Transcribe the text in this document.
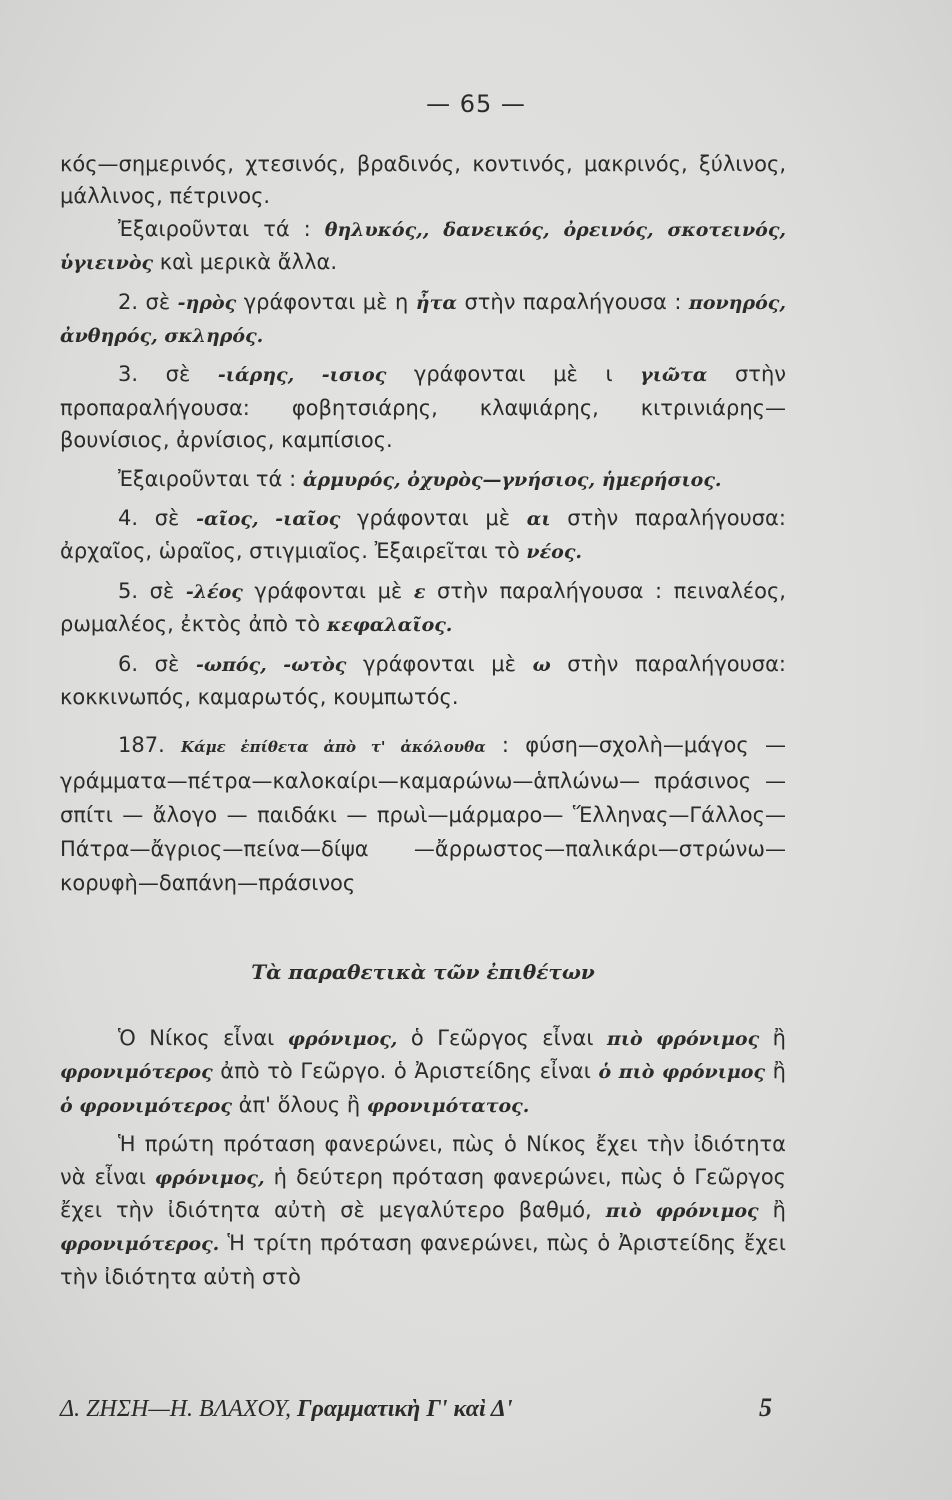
— 65 —

κός—σημερινός, χτεσινός, βραδινός, κοντινός, μακρινός, ξύλινος, μάλλινος, πέτρινος.

Ἐξαιροῦνται τά : θηλυκός,, δανεικός, ὀρεινός, σκοτεινός, ὑγιεινὸς καὶ μερικὰ ἄλλα.

2. σὲ -ηρὸς γράφονται μὲ η ἦτα στὴν παραλήγουσα : πονηρός, ἀνθηρός, σκληρός.

3. σὲ -ιάρης, -ισιος γράφονται μὲ ι γιῶτα στὴν προπαραλήγουσα: φοβητσιάρης, κλαψιάρης, κιτρινιάρης—βουνίσιος, ἀρνίσιος, καμπίσιος.

Ἐξαιροῦνται τά : ἁρμυρός, ὀχυρὸς—γνήσιος, ἡμερήσιος.

4. σὲ -αῖος, -ιαῖος γράφονται μὲ αι στὴν παραλήγουσα: ἀρχαῖος, ὡραῖος, στιγμιαῖος. Ἐξαιρεῖται τὸ νέος.

5. σὲ -λέος γράφονται μὲ ε στὴν παραλήγουσα : πειναλέος, ρωμαλέος, ἐκτὸς ἀπὸ τὸ κεφαλαῖος.

6. σὲ -ωπός, -ωτὸς γράφονται μὲ ω στὴν παραλήγουσα: κοκκινωπός, καμαρωτός, κουμπωτός.

187. Κάμε ἐπίθετα ἀπὸ τ' ἀκόλουθα : φύση—σχολὴ—μάγος —γράμματα—πέτρα—καλοκαίρι—καμαρώνω—ἁπλώνω— πράσινος — σπίτι — ἄλογο — παιδάκι — πρωὶ—μάρμαρο— Ἕλληνας—Γάλλος—Πάτρα—ἄγριος—πείνα—δίψα —ἄρρωστος—παλικάρι—στρώνω—κορυφὴ—δαπάνη—πράσινος

Τὰ παραθετικὰ τῶν ἐπιθέτων

Ὁ Νίκος εἶναι φρόνιμος, ὁ Γεῶργος εἶναι πιὸ φρόνιμος ἢ φρονιμότερος ἀπὸ τὸ Γεῶργο. ὁ Ἀριστείδης εἶναι ὁ πιὸ φρόνιμος ἢ ὁ φρονιμότερος ἀπ' ὅλους ἢ φρονιμότατος.

Ἡ πρώτη πρόταση φανερώνει, πὼς ὁ Νίκος ἔχει τὴν ἰδιότητα νὰ εἶναι φρόνιμος, ἡ δεύτερη πρόταση φανερώνει, πὼς ὁ Γεῶργος ἔχει τὴν ἰδιότητα αὐτὴ σὲ μεγαλύτερο βαθμό, πιὸ φρόνιμος ἢ φρονιμότερος. Ἡ τρίτη πρόταση φανερώνει, πὼς ὁ Ἀριστείδης ἔχει τὴν ἰδιότητα αὐτὴ στὸ

Δ. ΖΗΣΗ—Η. ΒΛΑΧΟΥ, Γραμματικὴ Γ' καὶ Δ'	5
